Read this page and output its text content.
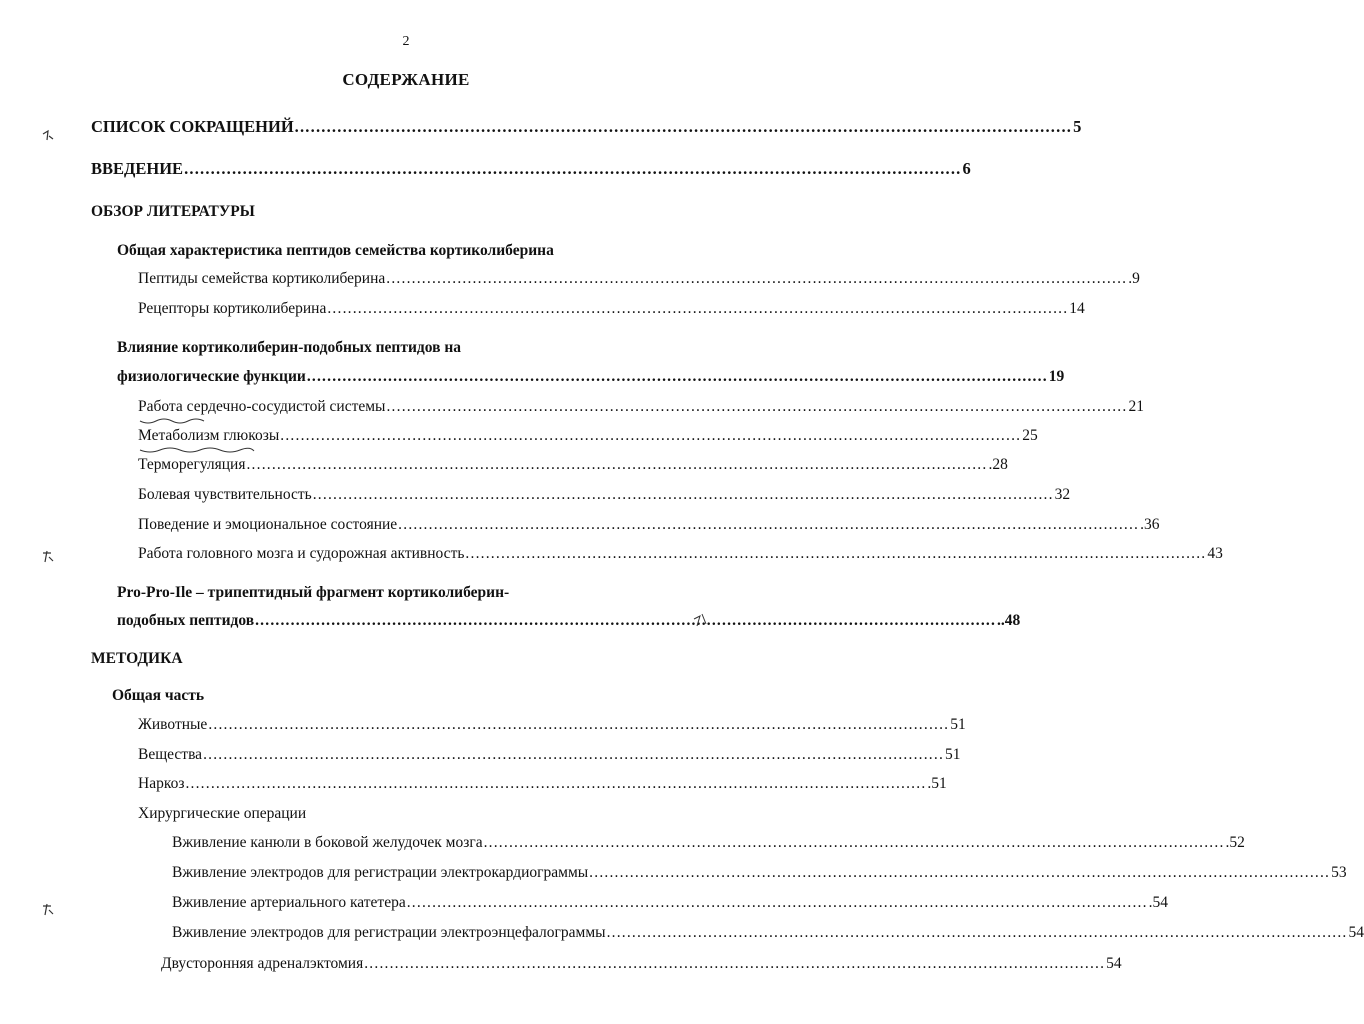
2
СОДЕРЖАНИЕ
СПИСОК СОКРАЩЕНИЙ .................................................................................................................................................. 5
ВВЕДЕНИЕ .................................................................................................................................................. 6
ОБЗОР ЛИТЕРАТУРЫ
Общая характеристика пептидов семейства кортиколиберина
Пептиды семейства кортиколиберина .................................................................................................................................................. .9
Рецепторы кортиколиберина .................................................................................................................................................. 14
Влияние кортиколиберин-подобных пептидов на
физиологические функции .................................................................................................................................................. 19
Работа сердечно-сосудистой системы .................................................................................................................................................. 21
Метаболизм глюкозы .................................................................................................................................................. 25
Терморегуляция .................................................................................................................................................. .28
Болевая чувствительность .................................................................................................................................................. 32
Поведение и эмоциональное состояние .................................................................................................................................................. .36
Работа головного мозга и судорожная активность .................................................................................................................................................. 43
Pro-Pro-Ile – трипептидный фрагмент кортиколиберин-
подобных пептидов .................................................................................................................................................. ..48
МЕТОДИКА
Общая часть
Животные .................................................................................................................................................. 51
Вещества .................................................................................................................................................. 51
Наркоз .................................................................................................................................................. .51
Хирургические операции
Вживление канюли в боковой желудочек мозга .................................................................................................................................................. .52
Вживление электродов для регистрации электрокардиограммы .................................................................................................................................................. 53
Вживление артериального катетера .................................................................................................................................................. .54
Вживление электродов для регистрации электроэнцефалограммы .................................................................................................................................................. 54
Двусторонняя адреналэктомия .................................................................................................................................................. 54
